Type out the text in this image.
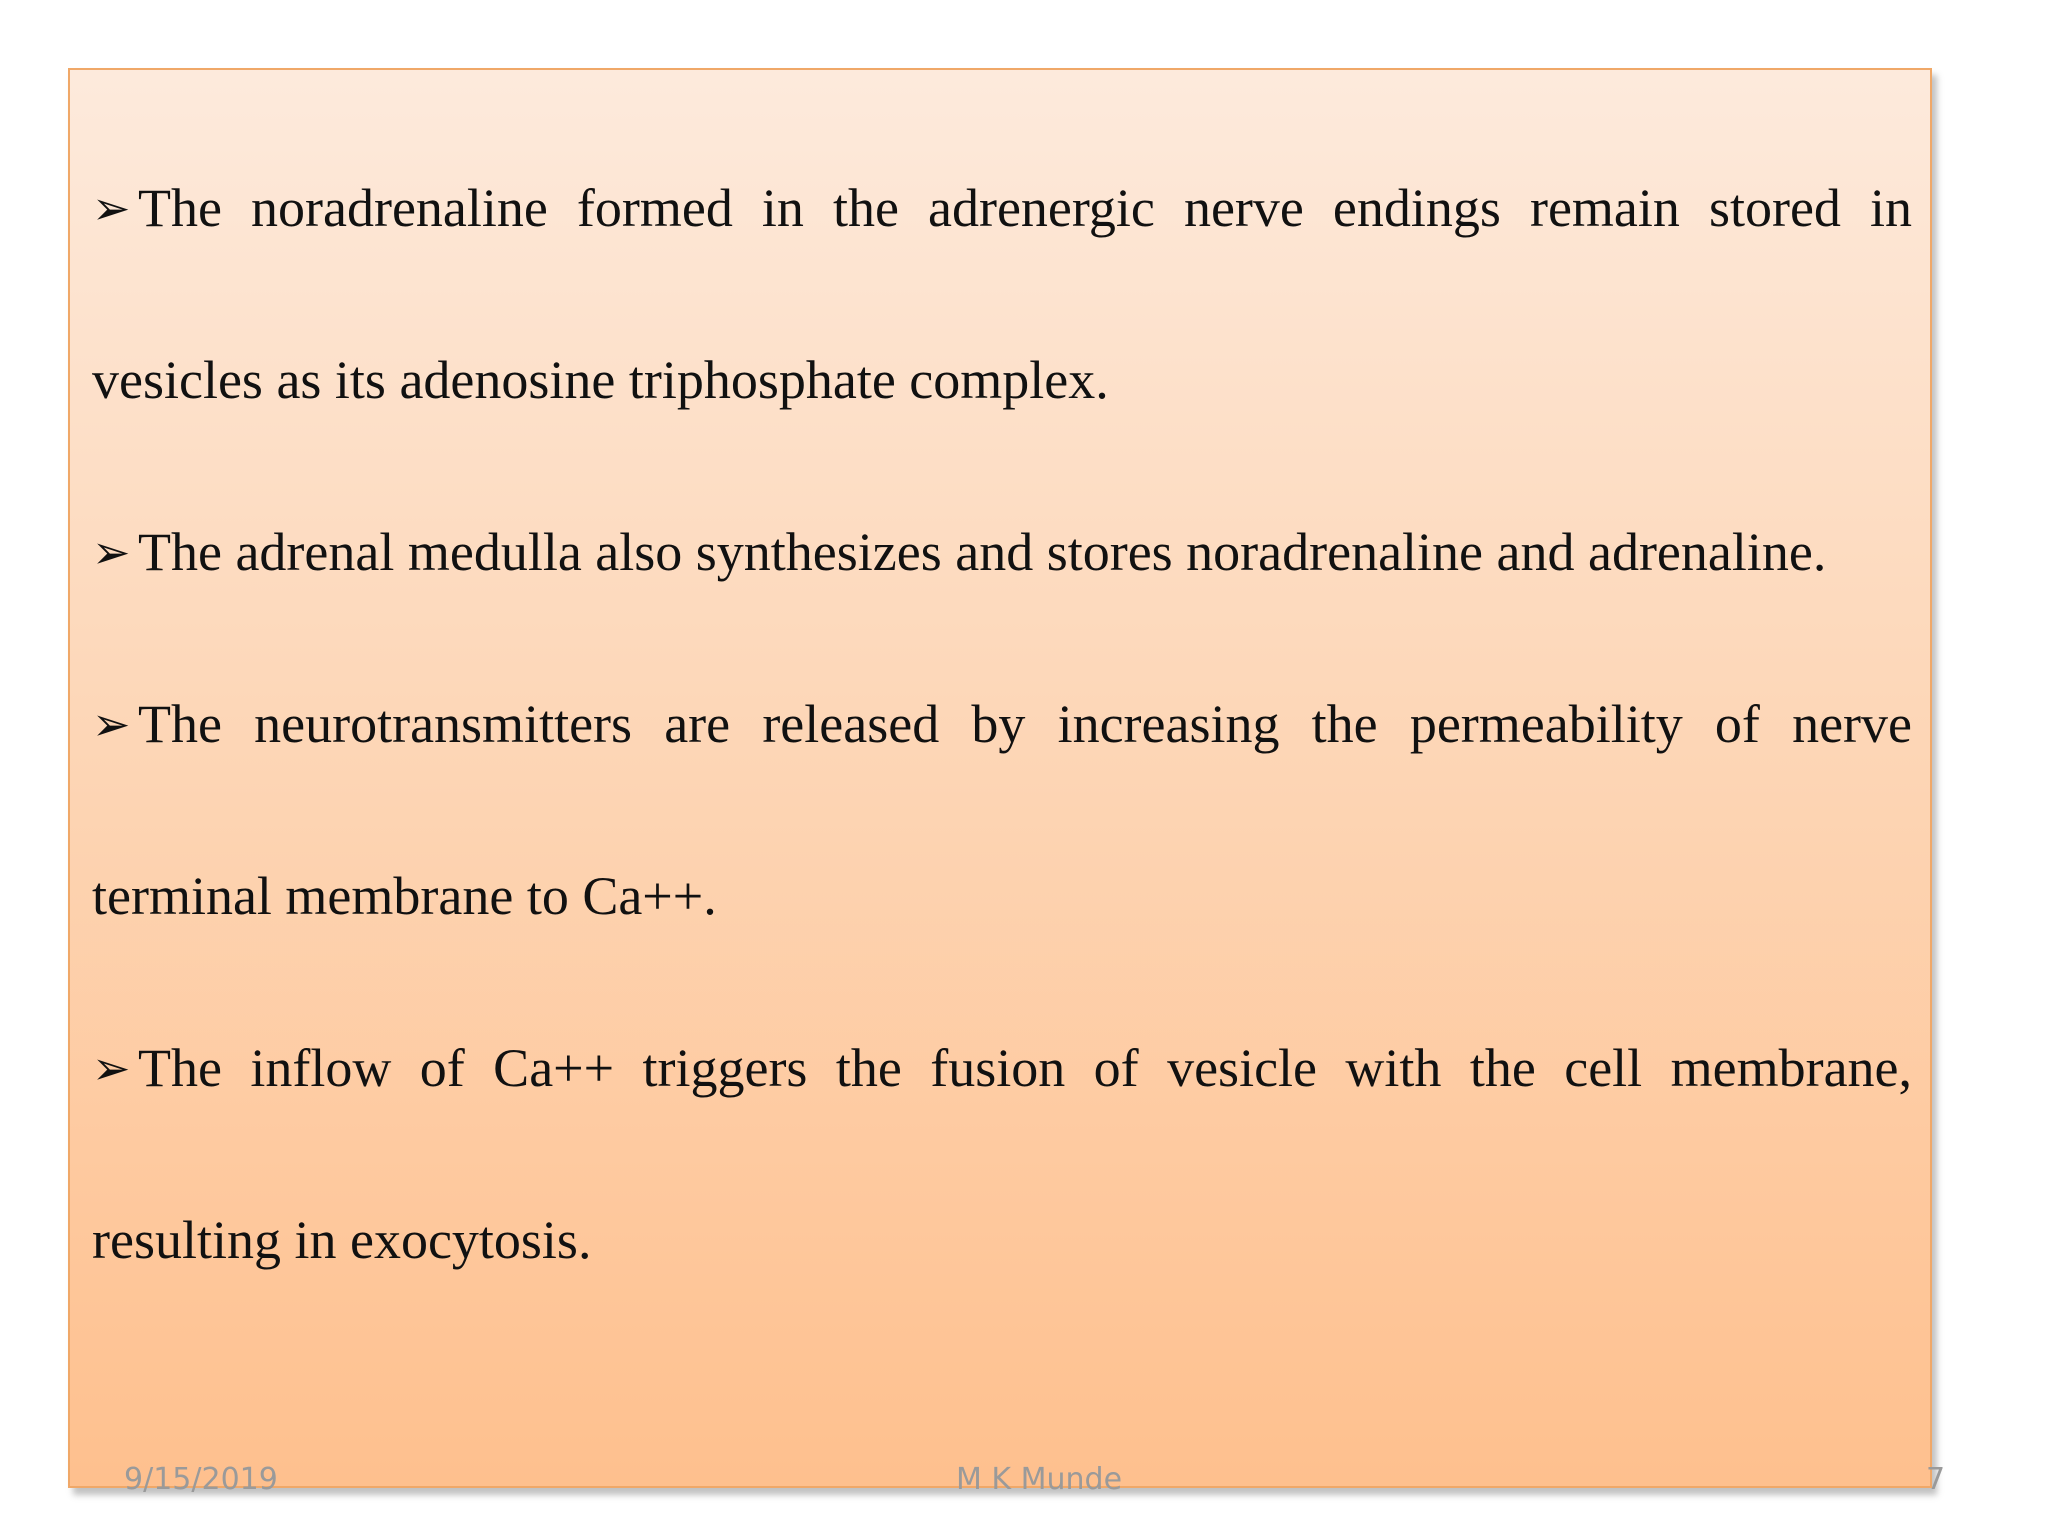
➢ The noradrenaline formed in the adrenergic nerve endings remain stored in vesicles as its adenosine triphosphate complex.
➢ The adrenal medulla also synthesizes and stores noradrenaline and adrenaline.
➢ The neurotransmitters are released by increasing the permeability of nerve terminal membrane to Ca++.
➢ The inflow of Ca++ triggers the fusion of vesicle with the cell membrane, resulting in exocytosis.
9/15/2019	M K Munde	7
